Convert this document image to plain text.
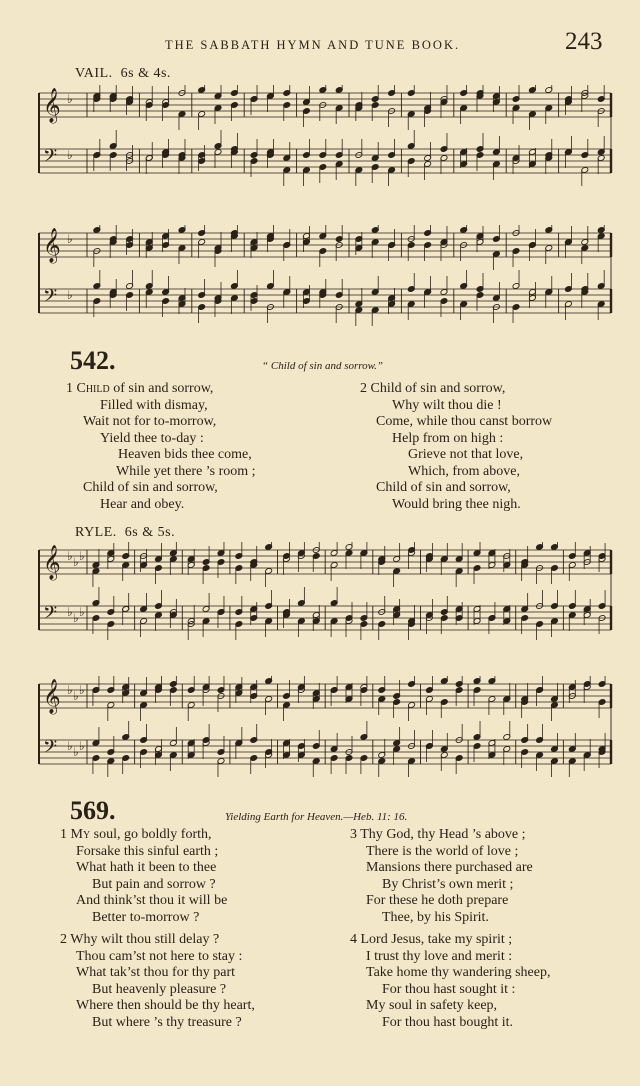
THE SABBATH HYMN AND TUNE BOOK.	243
VAIL. 6s & 4s.
𝄞 ♭
𝄢 ♭
𝄞 ♭
𝄢 ♭
542.	“ Child of sin and sorrow.”
1 Child of sin and sorrow,
Filled with dismay,
Wait not for to-morrow,
Yield thee to-day :
Heaven bids thee come,
While yet there ’s room ;
Child of sin and sorrow,
Hear and obey.
2 Child of sin and sorrow,
Why wilt thou die !
Come, while thou canst borrow
Help from on high :
Grieve not that love,
Which, from above,
Child of sin and sorrow,
Would bring thee nigh.
RYLE. 6s & 5s.
𝄞 ♭ ♭ ♭
𝄢 ♭ ♭ ♭
𝄞 ♭ ♭ ♭
𝄢 ♭ ♭ ♭
569.	Yielding Earth for Heaven.—Heb. 11: 16.
1 My soul, go boldly forth,
Forsake this sinful earth ;
What hath it been to thee
But pain and sorrow ?
And think’st thou it will be
Better to-morrow ?
2 Why wilt thou still delay ?
Thou cam’st not here to stay :
What tak’st thou for thy part
But heavenly pleasure ?
Where then should be thy heart,
But where ’s thy treasure ?
3 Thy God, thy Head ’s above ;
There is the world of love ;
Mansions there purchased are
By Christ’s own merit ;
For these he doth prepare
Thee, by his Spirit.
4 Lord Jesus, take my spirit ;
I trust thy love and merit :
Take home thy wandering sheep,
For thou hast sought it :
My soul in safety keep,
For thou hast bought it.
